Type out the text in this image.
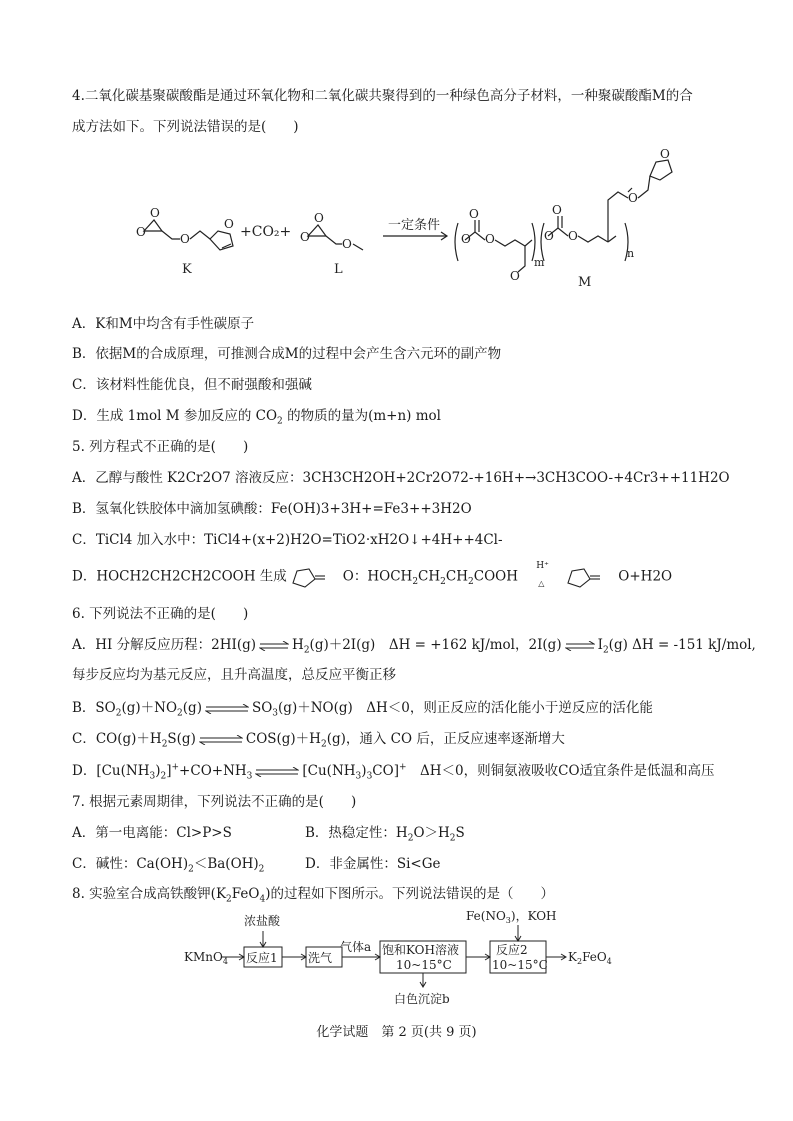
4.二氧化碳基聚碳酸酯是通过环氧化物和二氧化碳共聚得到的一种绿色高分子材料，一种聚碳酸酯M的合
成方法如下。下列说法错误的是(　　)
O
O
O
O
O
O
O
O
O
O
O
O
O
O
O
O
+CO₂+	一定条件
K	L
M
m
n
A．K和M中均含有手性碳原子
B．依据M的合成原理，可推测合成M的过程中会产生含六元环的副产物
C．该材料性能优良，但不耐强酸和强碱
D．生成 1mol M 参加反应的 $CO_2$ 的物质的量为(m+n) mol
5. 列方程式不正确的是(　　)
A．乙醇与酸性 K2Cr2O7 溶液反应：3CH3CH2OH+2Cr2O72-+16H+→3CH3COO-+4Cr3++11H2O
B．氢氧化铁胶体中滴加氢碘酸：Fe(OH)3+3H+=Fe3++3H2O
C．TiCl4 加入水中：TiCl4+(x+2)H2O=TiO2·xH2O↓+4H++4Cl-
D．HOCH2CH2CH2COOH 生成	O：$HOCH_2CH_2CH_2COOH$
H⁺
△	O+H2O
6. 下列说法不正确的是(　　)
A．HI 分解反应历程：2HI(g) ⇌ $H_2(g)+2I(g)$　ΔH = +162 kJ/mol，2I(g) ⇌ $I_2(g) \Delta H = -151$ kJ/mol,
每步反应均为基元反应，且升高温度，总反应平衡正移
B．$SO_2(g)+NO_2(g)$ ⇌ $SO_3(g)+NO(g)$　ΔH＜0，则正反应的活化能小于逆反应的活化能
C．$CO(g)+H_2S(g)$ ⇌ $COS(g)+H_2(g)$，通入 CO 后，正反应速率逐渐增大
D．$[Cu(NH_3)_2]^++CO+NH_3$ ⇌ $[Cu(NH_3)_3CO]^+$　ΔH＜0，则铜氨液吸收CO适宜条件是低温和高压
7. 根据元素周期律，下列说法不正确的是(　　)
A．第一电离能：Cl>P>S	B．热稳定性：$H_2O>H_2S$
C．碱性：$Ca(OH)_2<Ba(OH)_2$	D．非金属性：Si<Ge
8. 实验室合成高铁酸钾$(K_2FeO_4)$的过程如下图所示。下列说法错误的是（　　）
KMnO$_4$
浓盐酸
反应1	洗气
气体a 饱和KOH溶液
10~15°C
白色沉淀b
$Fe(NO_3)$，KOH
反应2
10~15°C
$K_2FeO_4$
化学试题　第 2 页(共 9 页)
